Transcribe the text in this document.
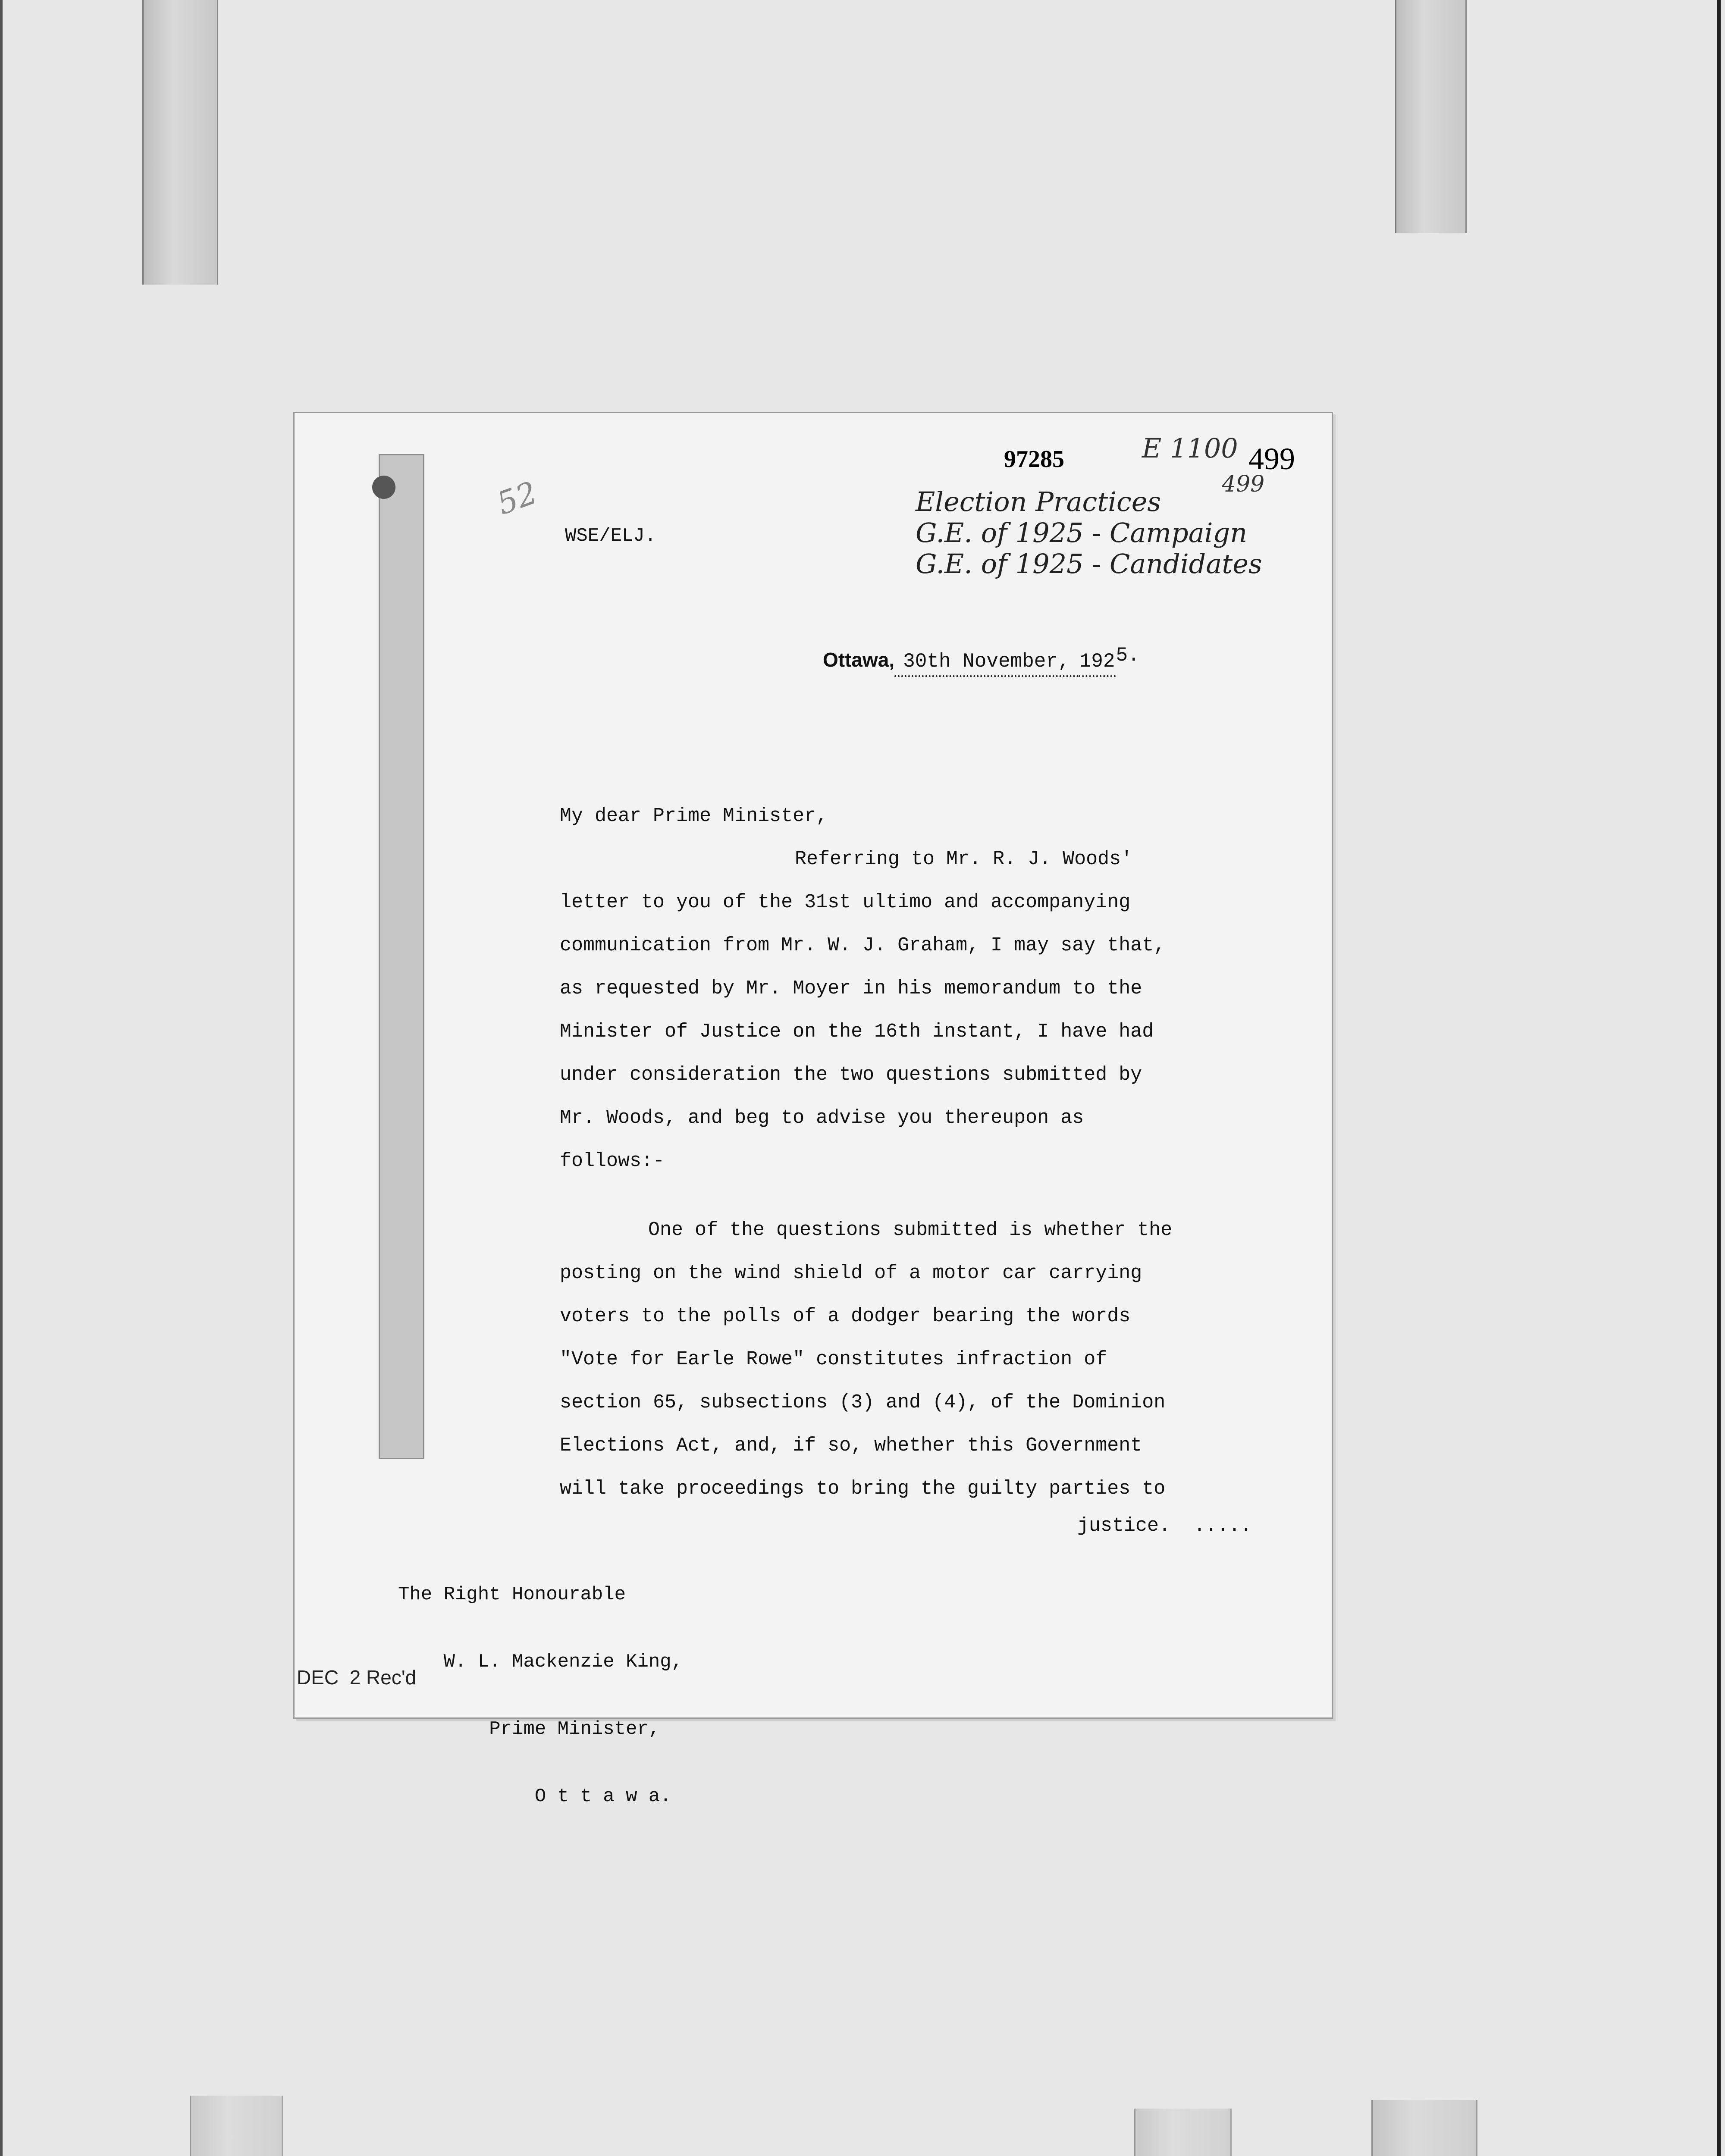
97285	E 1100 499
499
52	Election Practices
G.E. of 1925 - Campaign
G.E. of 1925 - Candidates
WSE/ELJ.
Ottawa, 30th November, 1925.
My dear Prime Minister,
Referring to Mr. R. J. Woods'
letter to you of the 31st ultimo and accompanying
communication from Mr. W. J. Graham, I may say that,
as requested by Mr. Moyer in his memorandum to the
Minister of Justice on the 16th instant, I have had
under consideration the two questions submitted by
Mr. Woods, and beg to advise you thereupon as
follows:-
One of the questions submitted is whether the
posting on the wind shield of a motor car carrying
voters to the polls of a dodger bearing the words
"Vote for Earle Rowe" constitutes infraction of
section 65, subsections (3) and (4), of the Dominion
Elections Act, and, if so, whether this Government
will take proceedings to bring the guilty parties to
justice.  .....

The Right Honourable

W. L. Mackenzie King,

Prime Minister,

O t t a w a.

DEC  2 Rec'd
